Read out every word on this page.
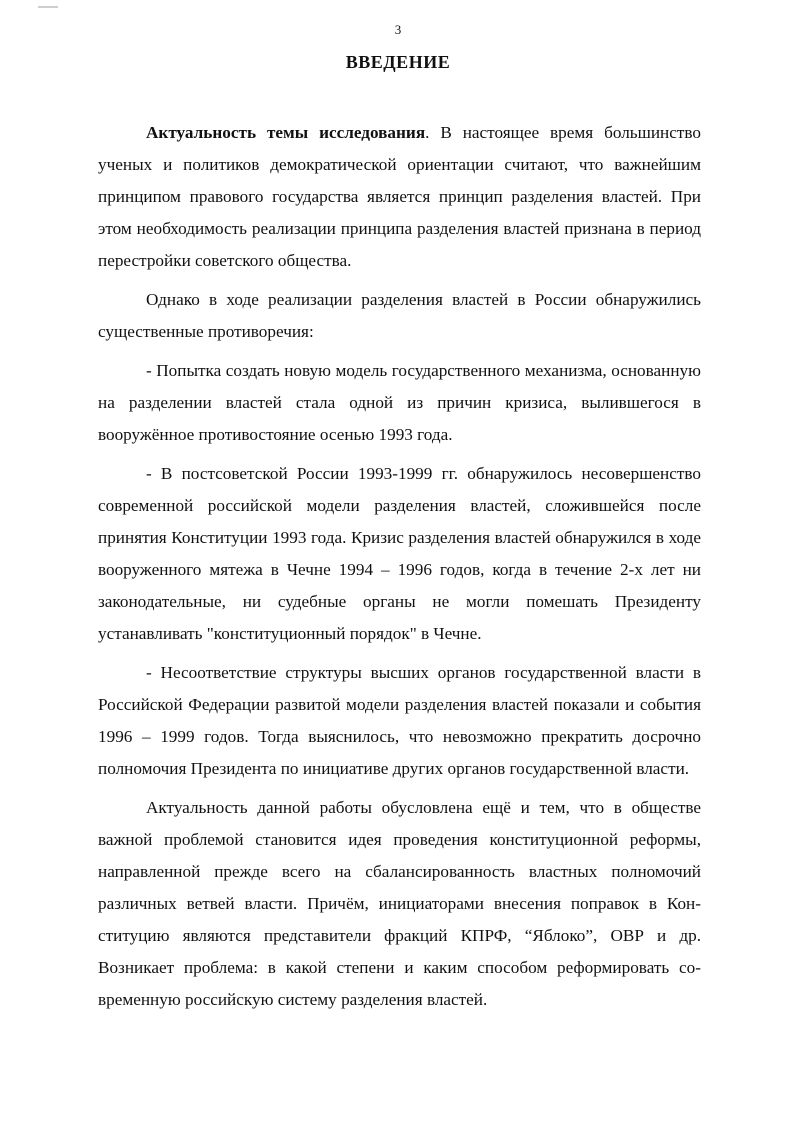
3
ВВЕДЕНИЕ

Актуальность темы исследования. В настоящее время большинство ученых и политиков демократической ориентации считают, что важнейшим принципом правового государства является принцип разделения властей. При этом необходимость реализации принципа разделения властей признана в период перестройки советского общества.

Однако в ходе реализации разделения властей в России обнаружились существенные противоречия:

- Попытка создать новую модель государственного механизма, основанную на разделении властей стала одной из причин кризиса, вылившегося в вооружённое противостояние осенью 1993 года.

- В постсоветской России 1993-1999 гг. обнаружилось несовершенство современной российской модели разделения властей, сложившейся после принятия Конституции 1993 года. Кризис разделения властей обнаружился в ходе вооруженного мятежа в Чечне 1994 – 1996 годов, когда в течение 2-х лет ни законодательные, ни судебные органы не могли помешать Президенту устанавливать "конституционный порядок" в Чечне.

- Несоответствие структуры высших органов государственной власти в Российской Федерации развитой модели разделения властей показали и события 1996 – 1999 годов. Тогда выяснилось, что невозможно прекратить досрочно полномочия Президента по инициативе других органов государственной власти.

Актуальность данной работы обусловлена ещё и тем, что в обществе важной проблемой становится идея проведения конституционной реформы, направленной прежде всего на сбалансированность властных полномочий различных ветвей власти. Причём, инициаторами внесения поправок в Конституцию являются представители фракций КПРФ, “Яблоко”, ОВР и др. Возникает проблема: в какой степени и каким способом реформировать современную российскую систему разделения властей.
